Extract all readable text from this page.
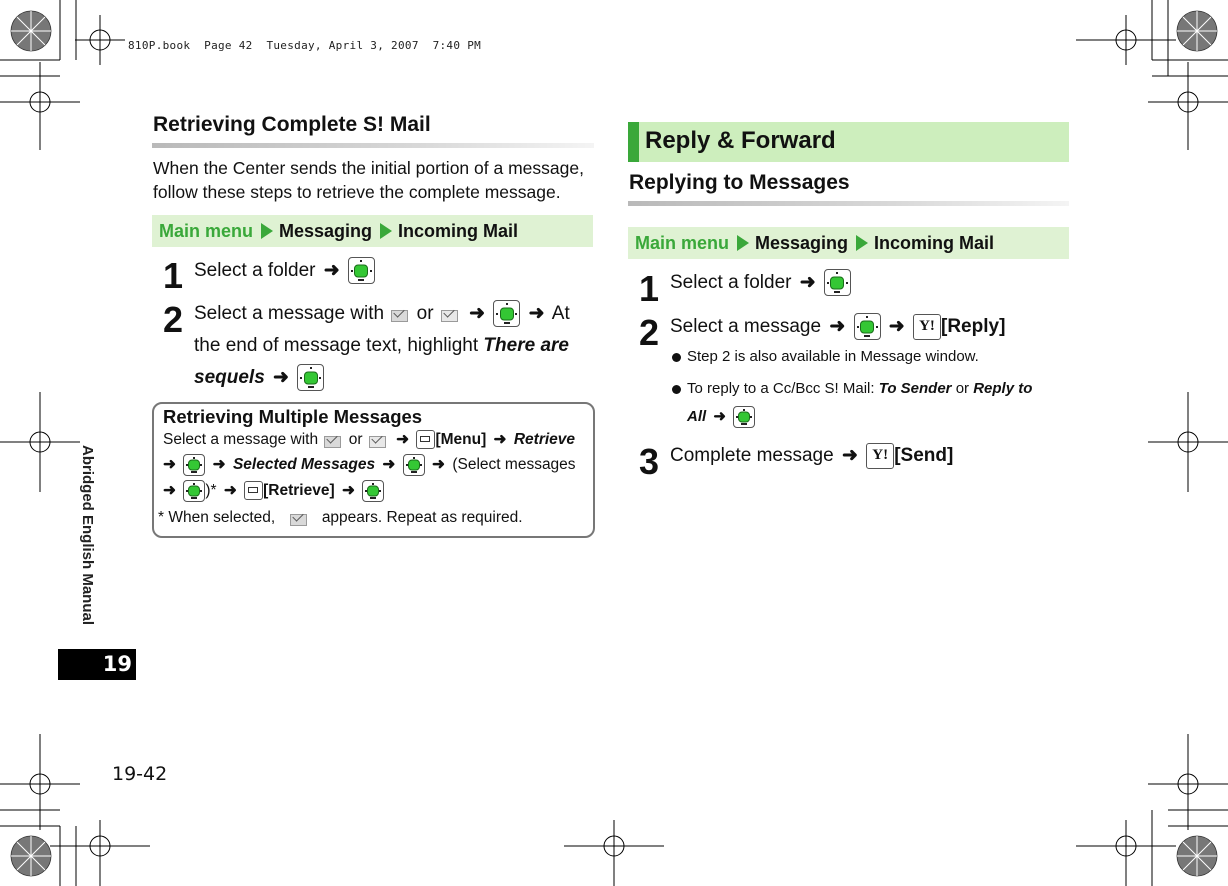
810P.book  Page 42  Tuesday, April 3, 2007  7:40 PM
Abridged English Manual
19
19-42
Retrieving Complete S! Mail
When the Center sends the initial portion of a message,
follow these steps to retrieve the complete message.
Main menu Messaging Incoming Mail
1 Select a folder ➜
2 Select a message with or ➜ ➜ At
the end of message text, highlight There are
sequels ➜
Retrieving Multiple Messages
Select a message with or ➜ [Menu] ➜ Retrieve
➜ ➜ Selected Messages ➜ ➜ (Select messages
➜ )* ➜ [Retrieve] ➜
* When selected,	appears. Repeat as required.
Reply & Forward
Replying to Messages
Main menu Messaging Incoming Mail
1 Select a folder ➜
2 Select a message ➜ ➜ Y! [Reply]
Step 2 is also available in Message window.
To reply to a Cc/Bcc S! Mail: To Sender or Reply to
All ➜
3 Complete message ➜ Y! [Send]
